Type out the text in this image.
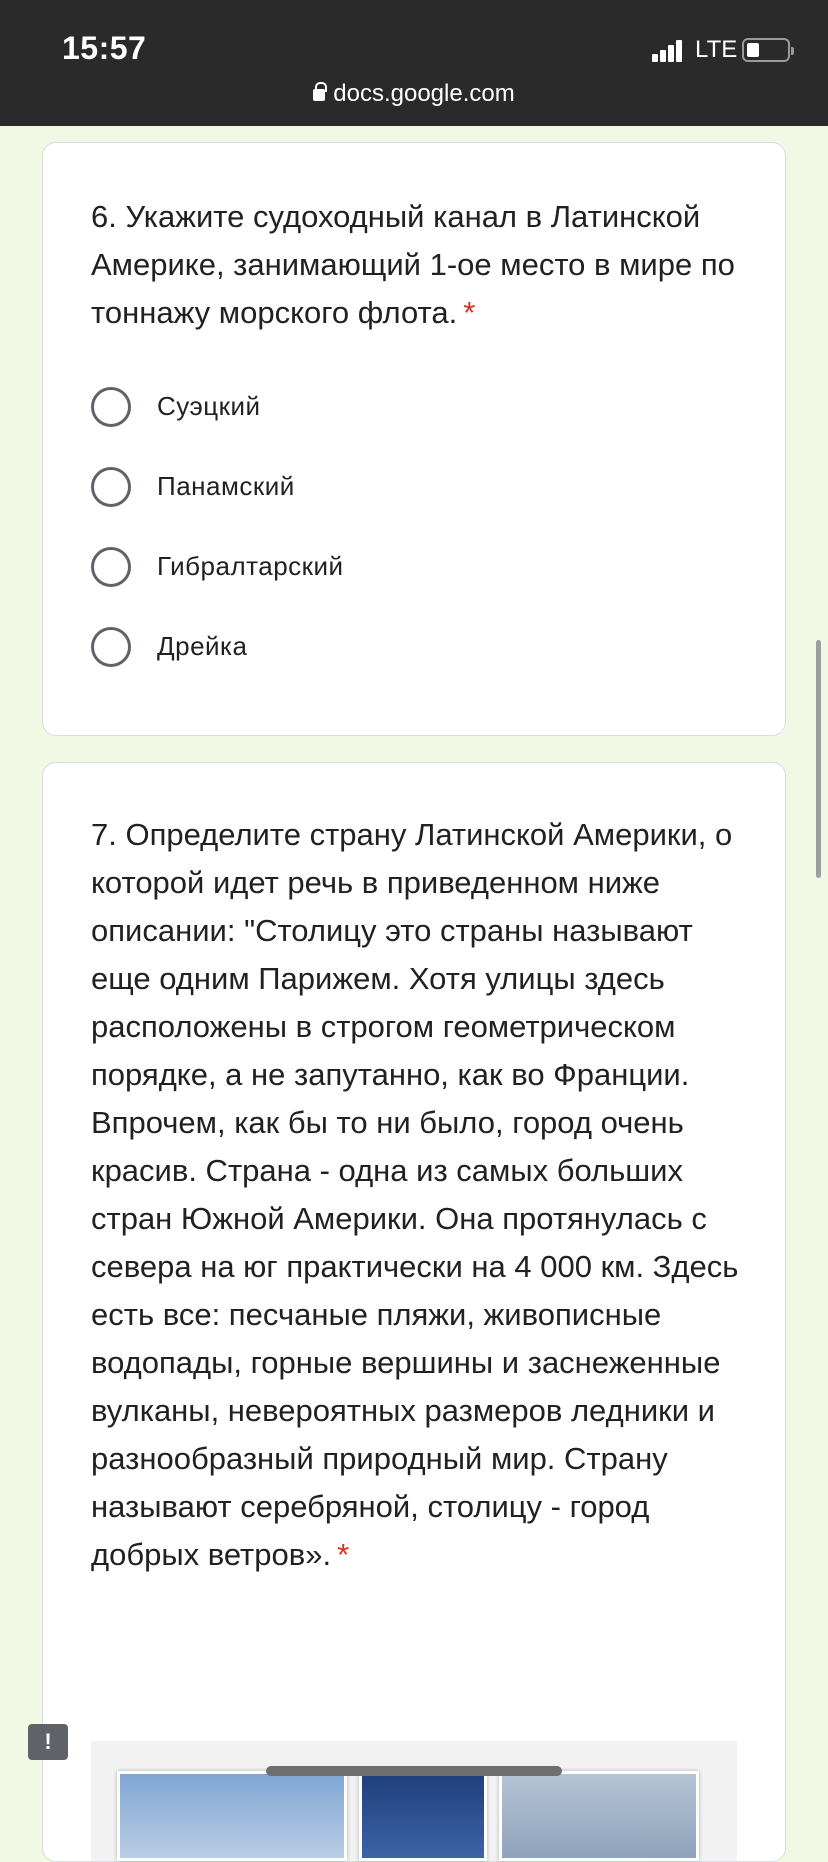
15:57	LTE
docs.google.com
6. Укажите судоходный канал в Латинской Америке, занимающий 1-ое место в мире по тоннажу морского флота. *
Суэцкий
Панамский
Гибралтарский
Дрейка
7. Определите страну Латинской Америки, о которой идет речь в приведенном ниже описании: "Столицу это страны называют еще одним Парижем. Хотя улицы здесь расположены в строгом геометрическом порядке, а не запутанно, как во Франции. Впрочем, как бы то ни было, город очень красив. Страна - одна из самых больших стран Южной Америки. Она протянулась с севера на юг практически на 4 000 км. Здесь есть все: песчаные пляжи, живописные водопады, горные вершины и заснеженные вулканы, невероятных размеров ледники и разнообразный природный мир. Страну называют серебряной, столицу - город добрых ветров». *
!
